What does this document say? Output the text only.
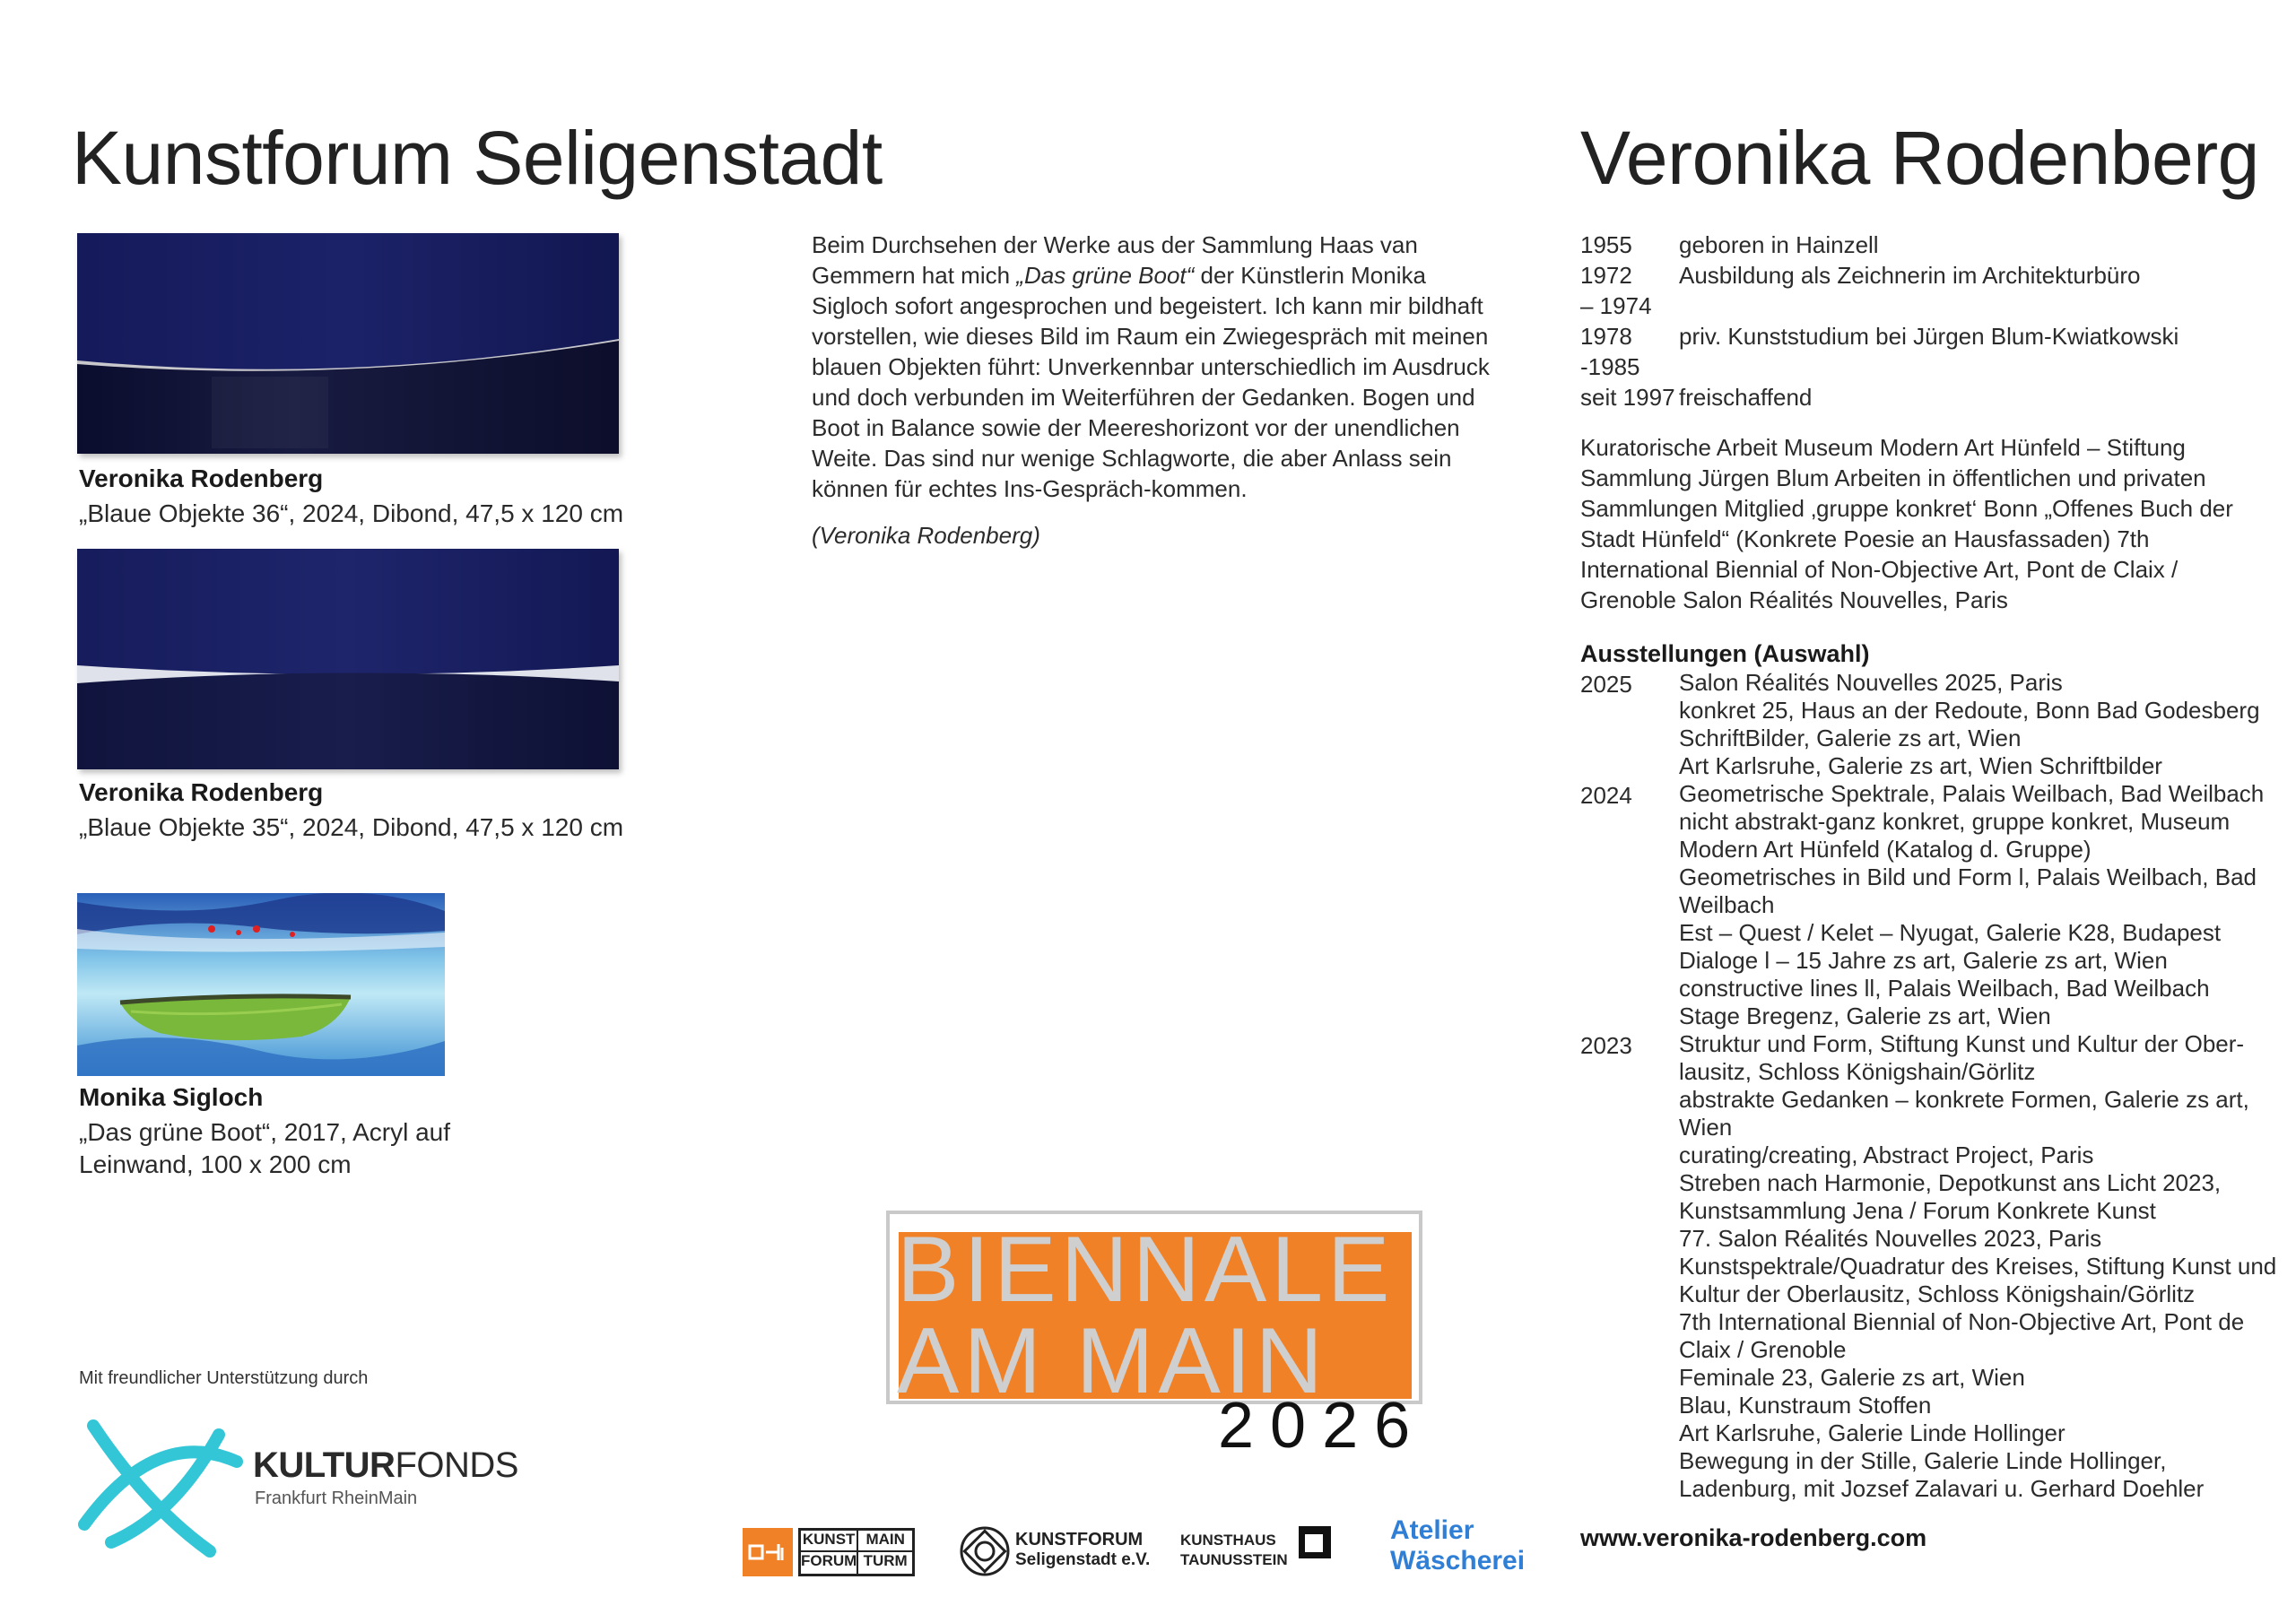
Kunstforum Seligenstadt
Veronika Rodenberg
„Blaue Objekte 36“, 2024, Dibond, 47,5 x 120 cm
Veronika Rodenberg
„Blaue Objekte 35“, 2024, Dibond, 47,5 x 120 cm
Monika Sigloch
„Das grüne Boot“, 2017, Acryl auf
Leinwand, 100 x 200 cm
Mit freundlicher Unterstützung durch
KULTURFONDS
Frankfurt RheinMain

Beim Durchsehen der Werke aus der Sammlung Haas van Gemmern hat mich „Das grüne Boot“ der Künstlerin Monika Sigloch sofort angesprochen und begeistert. Ich kann mir bildhaft vorstellen, wie dieses Bild im Raum ein Zwiegespräch mit meinen blauen Objekten führt: Unverkennbar unterschiedlich im Ausdruck und doch verbunden im Weiterführen der Gedanken. Bogen und Boot in Balance sowie der Meereshorizont vor der unendlichen Weite. Das sind nur wenige Schlagworte, die aber Anlass sein können für echtes Ins-Gespräch-kommen.

(Veronika Rodenberg)

BIENNALE
AM MAIN
2026
KUNST MAIN
FORUM TURM
KUNSTFORUM
Seligenstadt e.V.
KUNSTHAUS
TAUNUSSTEIN
Atelier
Wäscherei
Veronika Rodenberg
1955	geboren in Hainzell
1972	Ausbildung als Zeichnerin im Architekturbüro
– 1974
1978	priv. Kunststudium bei Jürgen Blum-Kwiatkowski
-1985
seit 1997 freischaffend
Kuratorische Arbeit Museum Modern Art Hünfeld – Stiftung Sammlung Jürgen Blum Arbeiten in öffentlichen und privaten Sammlungen Mitglied ‚gruppe konkret‘ Bonn „Offenes Buch der Stadt Hünfeld“ (Konkrete Poesie an Hausfassaden) 7th International Biennial of Non-Objective Art, Pont de Claix / Grenoble Salon Réalités Nouvelles, Paris
Ausstellungen (Auswahl)
2025	Salon Réalités Nouvelles 2025, Paris
konkret 25, Haus an der Redoute, Bonn Bad Godesberg
SchriftBilder, Galerie zs art, Wien
Art Karlsruhe, Galerie zs art, Wien Schriftbilder
2024	Geometrische Spektrale, Palais Weilbach, Bad Weilbach
nicht abstrakt-ganz konkret, gruppe konkret, Museum
Modern Art Hünfeld (Katalog d. Gruppe)
Geometrisches in Bild und Form l, Palais Weilbach, Bad
Weilbach
Est – Quest / Kelet – Nyugat, Galerie K28, Budapest
Dialoge l – 15 Jahre zs art, Galerie zs art, Wien
constructive lines ll, Palais Weilbach, Bad Weilbach
Stage Bregenz, Galerie zs art, Wien
2023	Struktur und Form, Stiftung Kunst und Kultur der Ober-
lausitz, Schloss Königshain/Görlitz
abstrakte Gedanken – konkrete Formen, Galerie zs art,
Wien
curating/creating, Abstract Project, Paris
Streben nach Harmonie, Depotkunst ans Licht 2023,
Kunstsammlung Jena / Forum Konkrete Kunst
77. Salon Réalités Nouvelles 2023, Paris
Kunstspektrale/Quadratur des Kreises, Stiftung Kunst und
Kultur der Oberlausitz, Schloss Königshain/Görlitz
7th International Biennial of Non-Objective Art, Pont de
Claix / Grenoble
Feminale 23, Galerie zs art, Wien
Blau, Kunstraum Stoffen
Art Karlsruhe, Galerie Linde Hollinger
Bewegung in der Stille, Galerie Linde Hollinger,
Ladenburg, mit Jozsef Zalavari u. Gerhard Doehler
www.veronika-rodenberg.com
